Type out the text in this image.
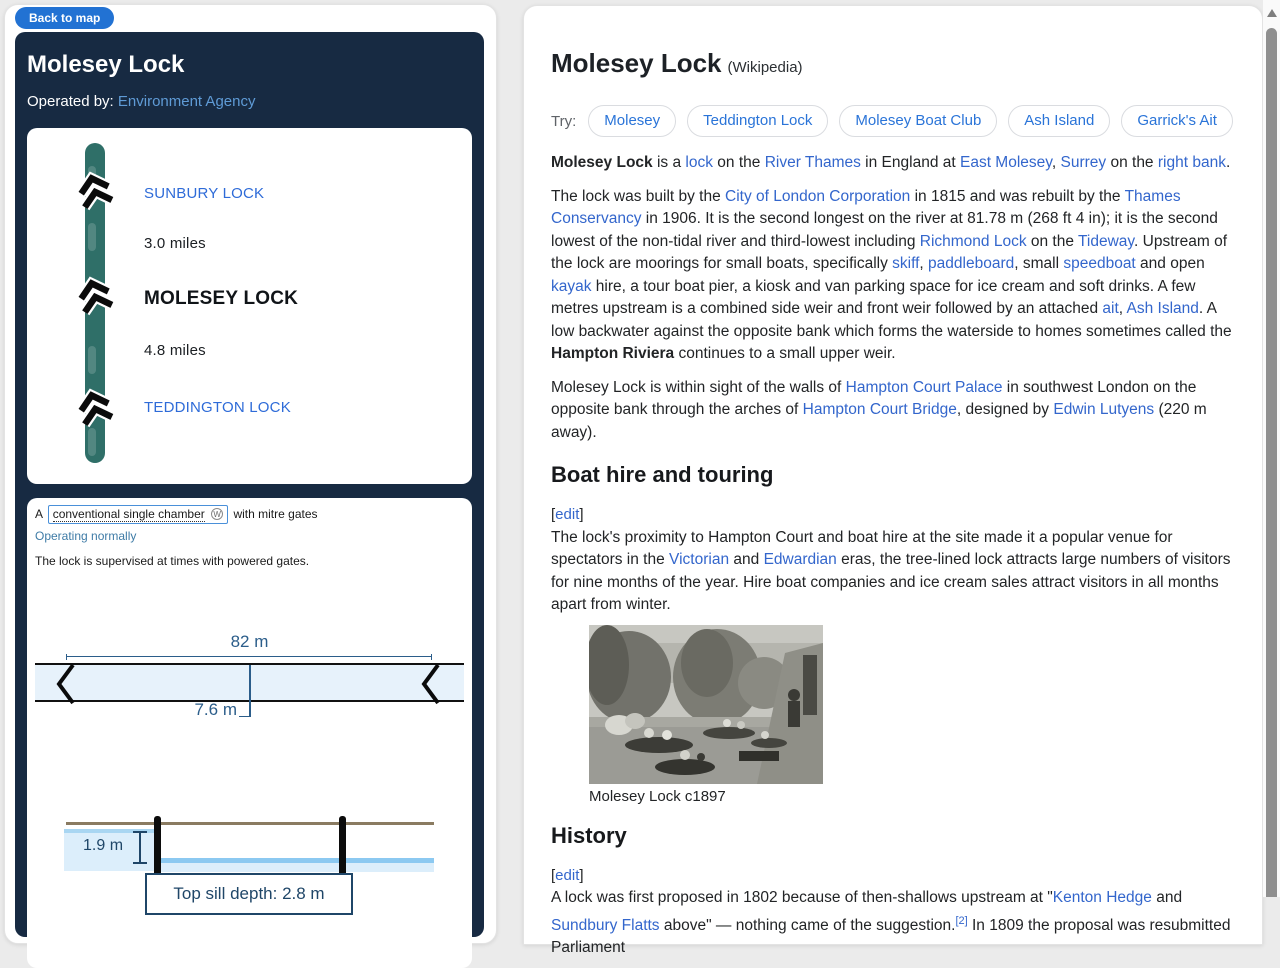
Back to map
Molesey Lock
Operated by: Environment Agency
SUNBURY LOCK
3.0 miles
MOLESEY LOCK
4.8 miles
TEDDINGTON LOCK
A conventional single chamber W with mitre gates
Operating normally
The lock is supervised at times with powered gates.
82 m
7.6 m
1.9 m
Top sill depth: 2.8 m
Molesey Lock (Wikipedia)
Try:	Molesey	Teddington Lock	Molesey Boat Club	Ash Island	Garrick's Ait

Molesey Lock is a lock on the River Thames in England at East Molesey, Surrey on the right bank.

The lock was built by the City of London Corporation in 1815 and was rebuilt by the Thames Conservancy in 1906. It is the second longest on the river at 81.78 m (268 ft 4 in); it is the second lowest of the non-tidal river and third-lowest including Richmond Lock on the Tideway. Upstream of the lock are moorings for small boats, specifically skiff, paddleboard, small speedboat and open kayak hire, a tour boat pier, a kiosk and van parking space for ice cream and soft drinks. A few metres upstream is a combined side weir and front weir followed by an attached ait, Ash Island. A low backwater against the opposite bank which forms the waterside to homes sometimes called the Hampton Riviera continues to a small upper weir.

Molesey Lock is within sight of the walls of Hampton Court Palace in southwest London on the opposite bank through the arches of Hampton Court Bridge, designed by Edwin Lutyens (220 m away).

Boat hire and touring
[edit]

The lock's proximity to Hampton Court and boat hire at the site made it a popular venue for spectators in the Victorian and Edwardian eras, the tree-lined lock attracts large numbers of visitors for nine months of the year. Hire boat companies and ice cream sales attract visitors in all months apart from winter.

Molesey Lock c1897
History
[edit]

A lock was first proposed in 1802 because of then-shallows upstream at "Kenton Hedge and Sundbury Flatts above" — nothing came of the suggestion.[2] In 1809 the proposal was resubmitted Parliament
